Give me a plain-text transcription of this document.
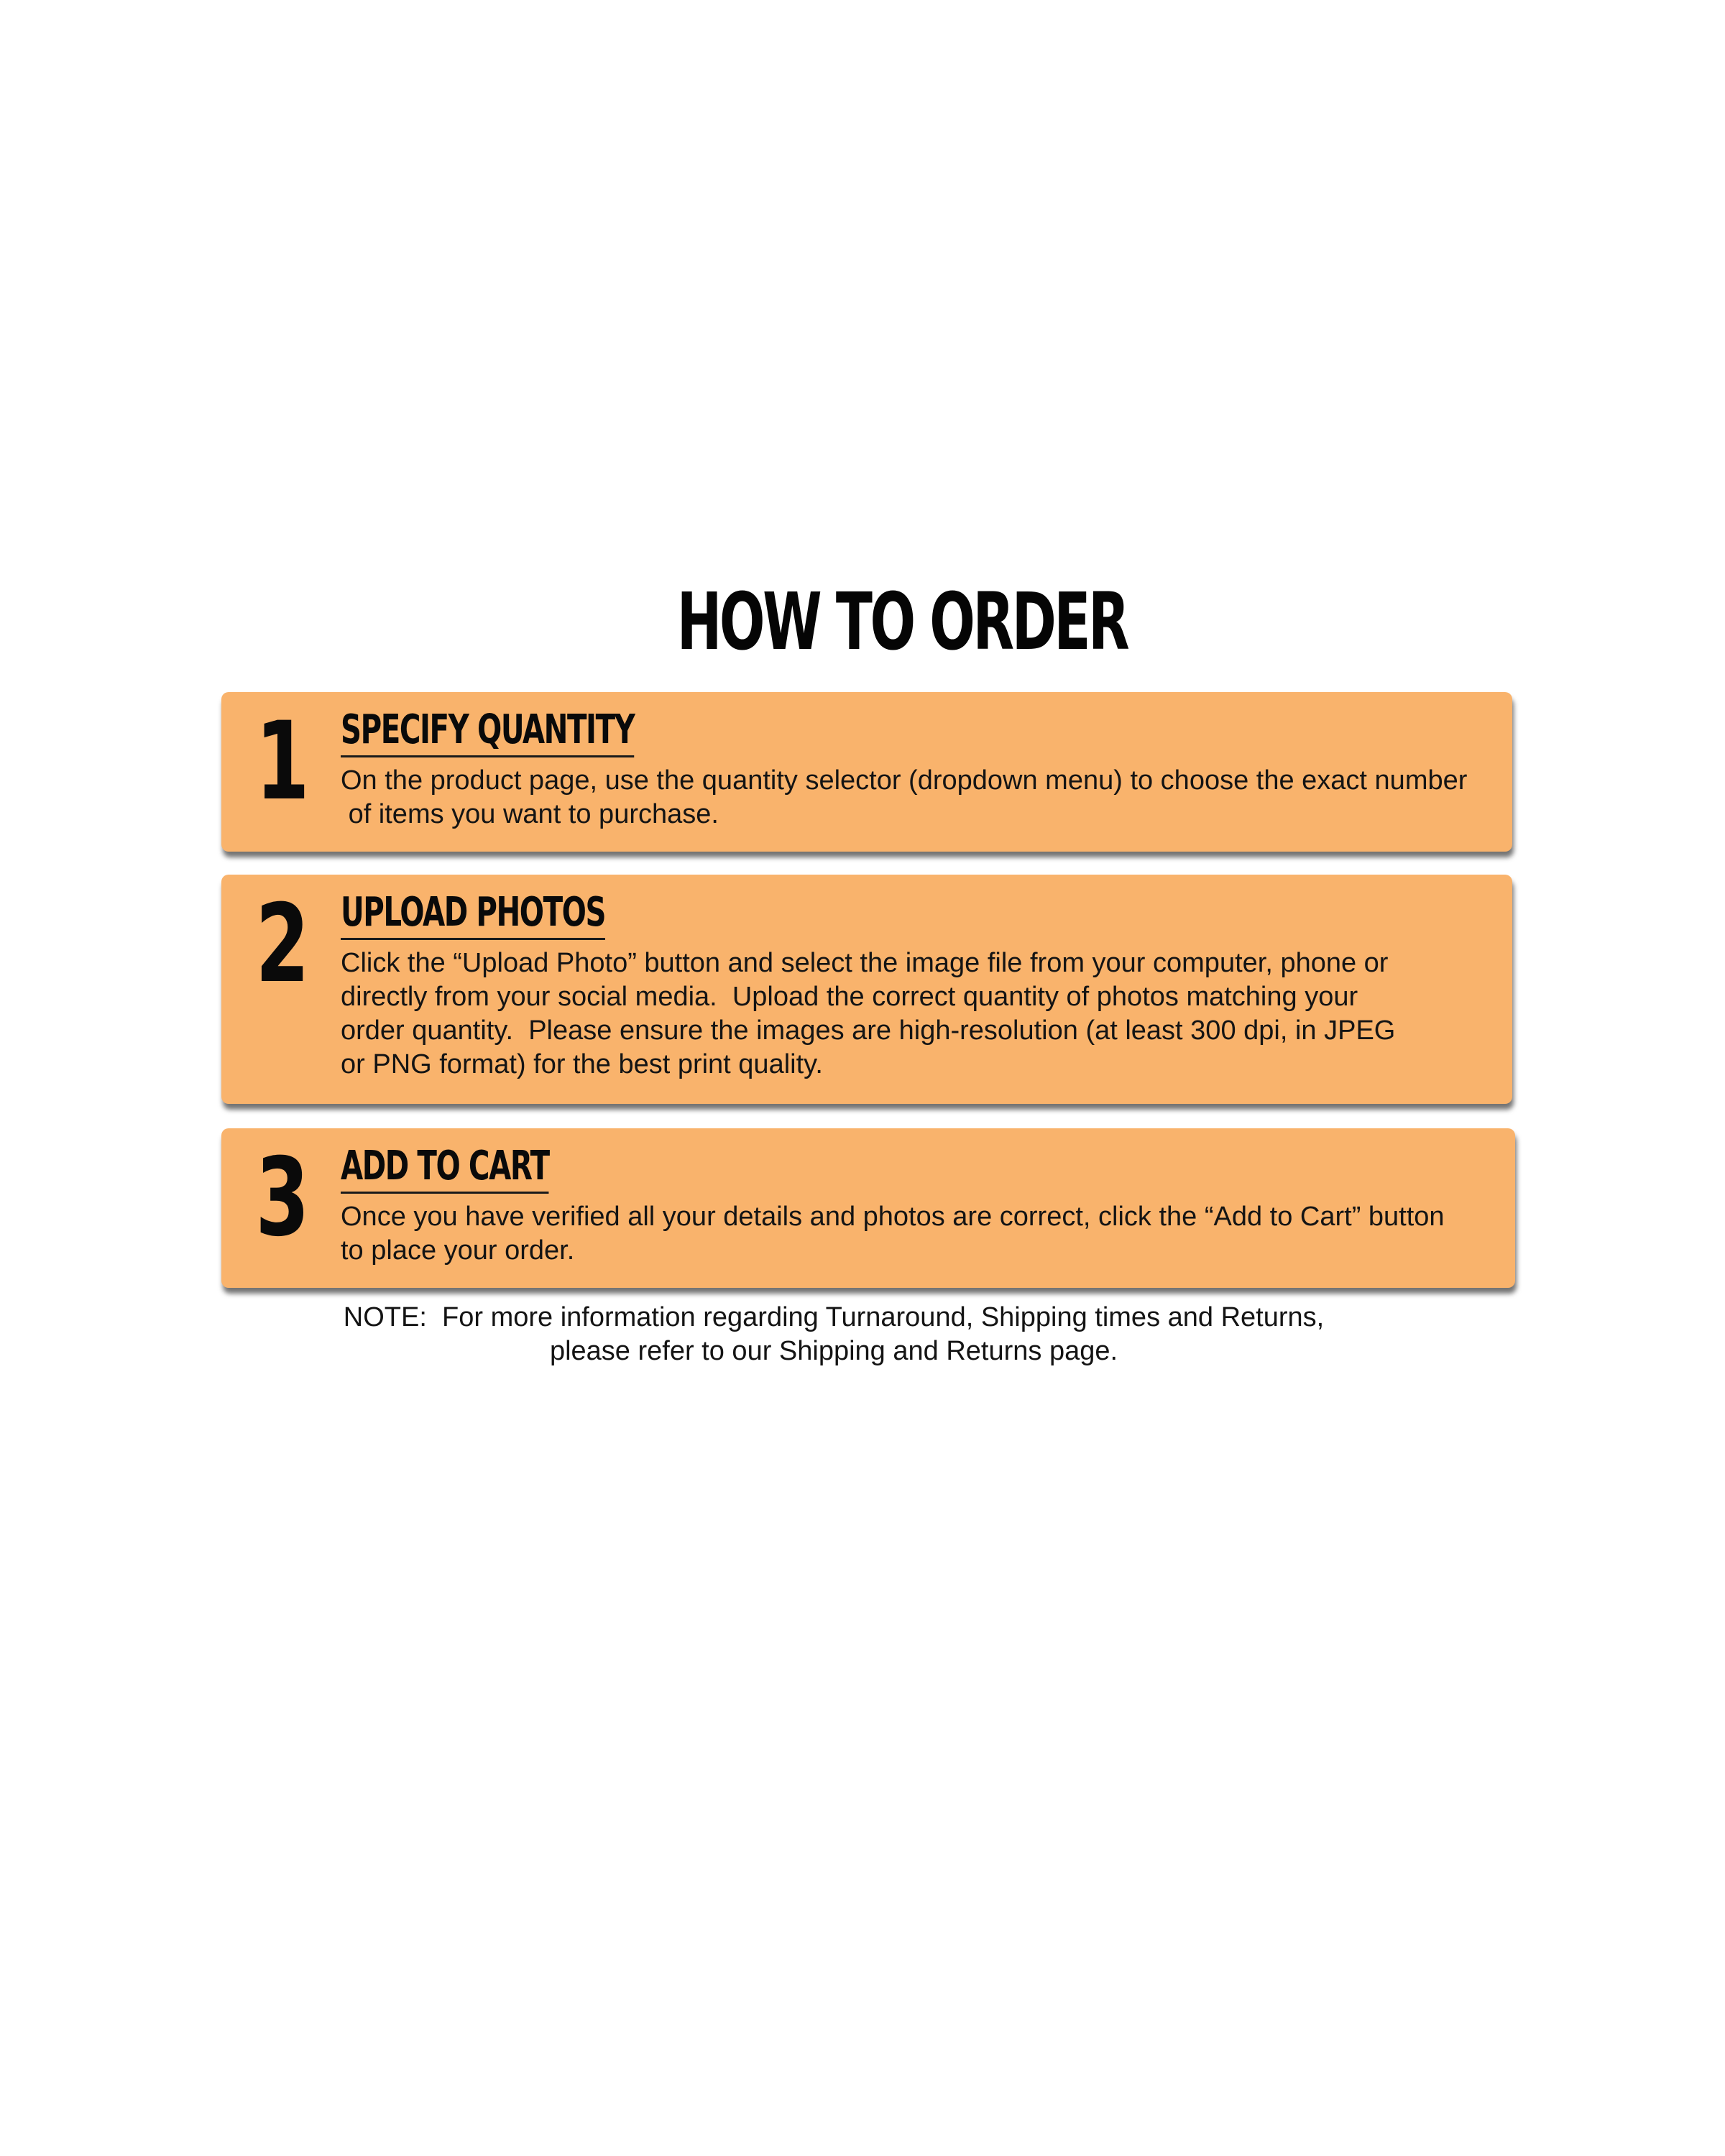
HOW TO ORDER
1 SPECIFY QUANTITY
On the product page, use the quantity selector (dropdown menu) to choose the exact number
of items you want to purchase.
2 UPLOAD PHOTOS
Click the “Upload Photo” button and select the image file from your computer, phone or
directly from your social media.  Upload the correct quantity of photos matching your
order quantity.  Please ensure the images are high-resolution (at least 300 dpi, in JPEG
or PNG format) for the best print quality.
3 ADD TO CART
Once you have verified all your details and photos are correct, click the “Add to Cart” button
to place your order.
NOTE:  For more information regarding Turnaround, Shipping times and Returns,
please refer to our Shipping and Returns page.
